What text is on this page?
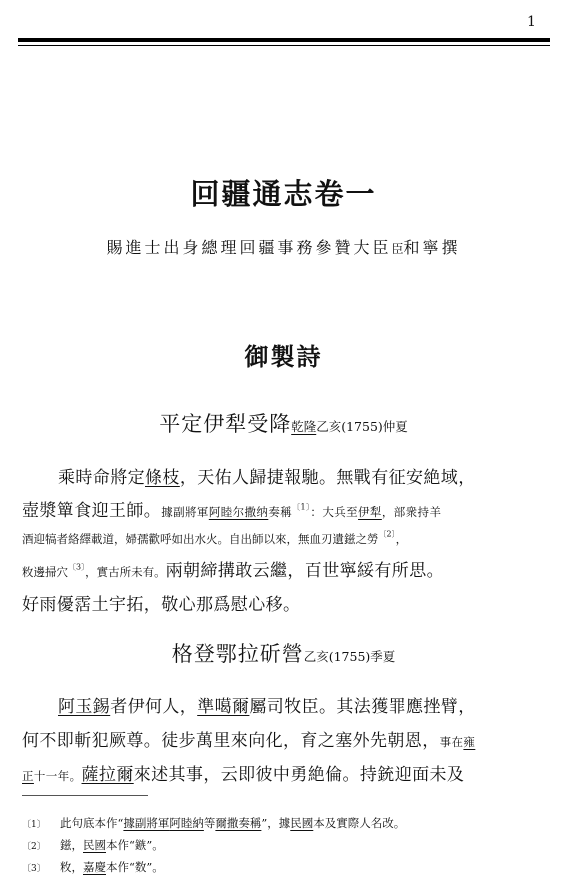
1
回疆通志卷一
賜進士出身總理回疆事務參贊大臣臣和寧撰
御製詩
平定伊犁受降乾隆乙亥(1755)仲夏
乘時命將定條枝，天佑人歸捷報馳。無戰有征安絶域，
壺漿簞食迎王師。據副將軍阿睦尔撒纳奏稱$^{〔1〕}$：大兵至伊犁，部衆持羊
酒迎犒者絡繹載道，婦孺歡呼如出水火。自出師以來，無血刃遺鎡之勞$^{〔2〕}$，
敉邊掃穴$^{〔3〕}$，實古所未有。兩朝締搆敢云繼，百世寧綏有所思。
好雨優霑土宇拓，敬心那爲慰心移。
格登鄂拉斫營乙亥(1755)季夏
阿玉錫者伊何人，準噶爾屬司牧臣。其法獲罪應挫臂，
何不即斬犯厥尊。徒步萬里來向化，育之塞外先朝恩，事在雍
正十一年。薩拉爾來述其事，云即彼中勇絶倫。持銃迎面未及
〔1〕 此句底本作“據副將軍阿睦納等爾撒奏稱”，據民國本及實際人名改。
〔2〕 鎡，民國本作“鏃”。
〔3〕 敉，嘉慶本作“数”。
